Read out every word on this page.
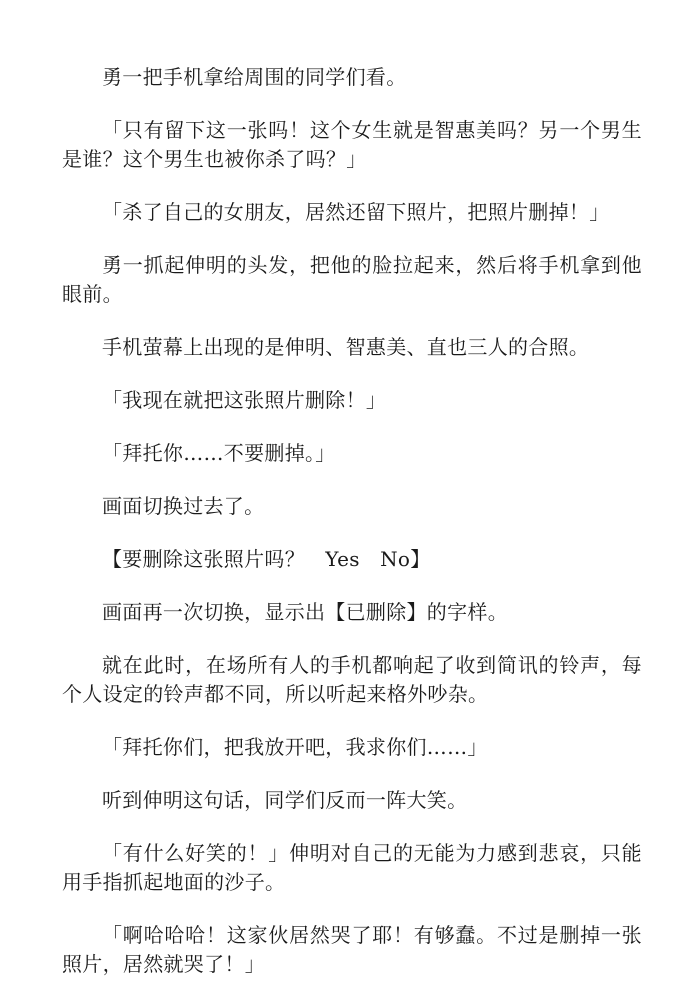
勇一把手机拿给周围的同学们看。

「只有留下这一张吗！这个女生就是智惠美吗？另一个男生是谁？这个男生也被你杀了吗？」

「杀了自己的女朋友，居然还留下照片，把照片删掉！」

勇一抓起伸明的头发，把他的脸拉起来，然后将手机拿到他眼前。

手机萤幕上出现的是伸明、智惠美、直也三人的合照。

「我现在就把这张照片删除！」

「拜托你……不要删掉。」

画面切换过去了。

【要删除这张照片吗？　Yes　No】

画面再一次切换，显示出【已删除】的字样。

就在此时，在场所有人的手机都响起了收到简讯的铃声，每个人设定的铃声都不同，所以听起来格外吵杂。

「拜托你们，把我放开吧，我求你们……」

听到伸明这句话，同学们反而一阵大笑。

「有什么好笑的！」伸明对自己的无能为力感到悲哀，只能用手指抓起地面的沙子。

「啊哈哈哈！这家伙居然哭了耶！有够蠢。不过是删掉一张照片，居然就哭了！」
